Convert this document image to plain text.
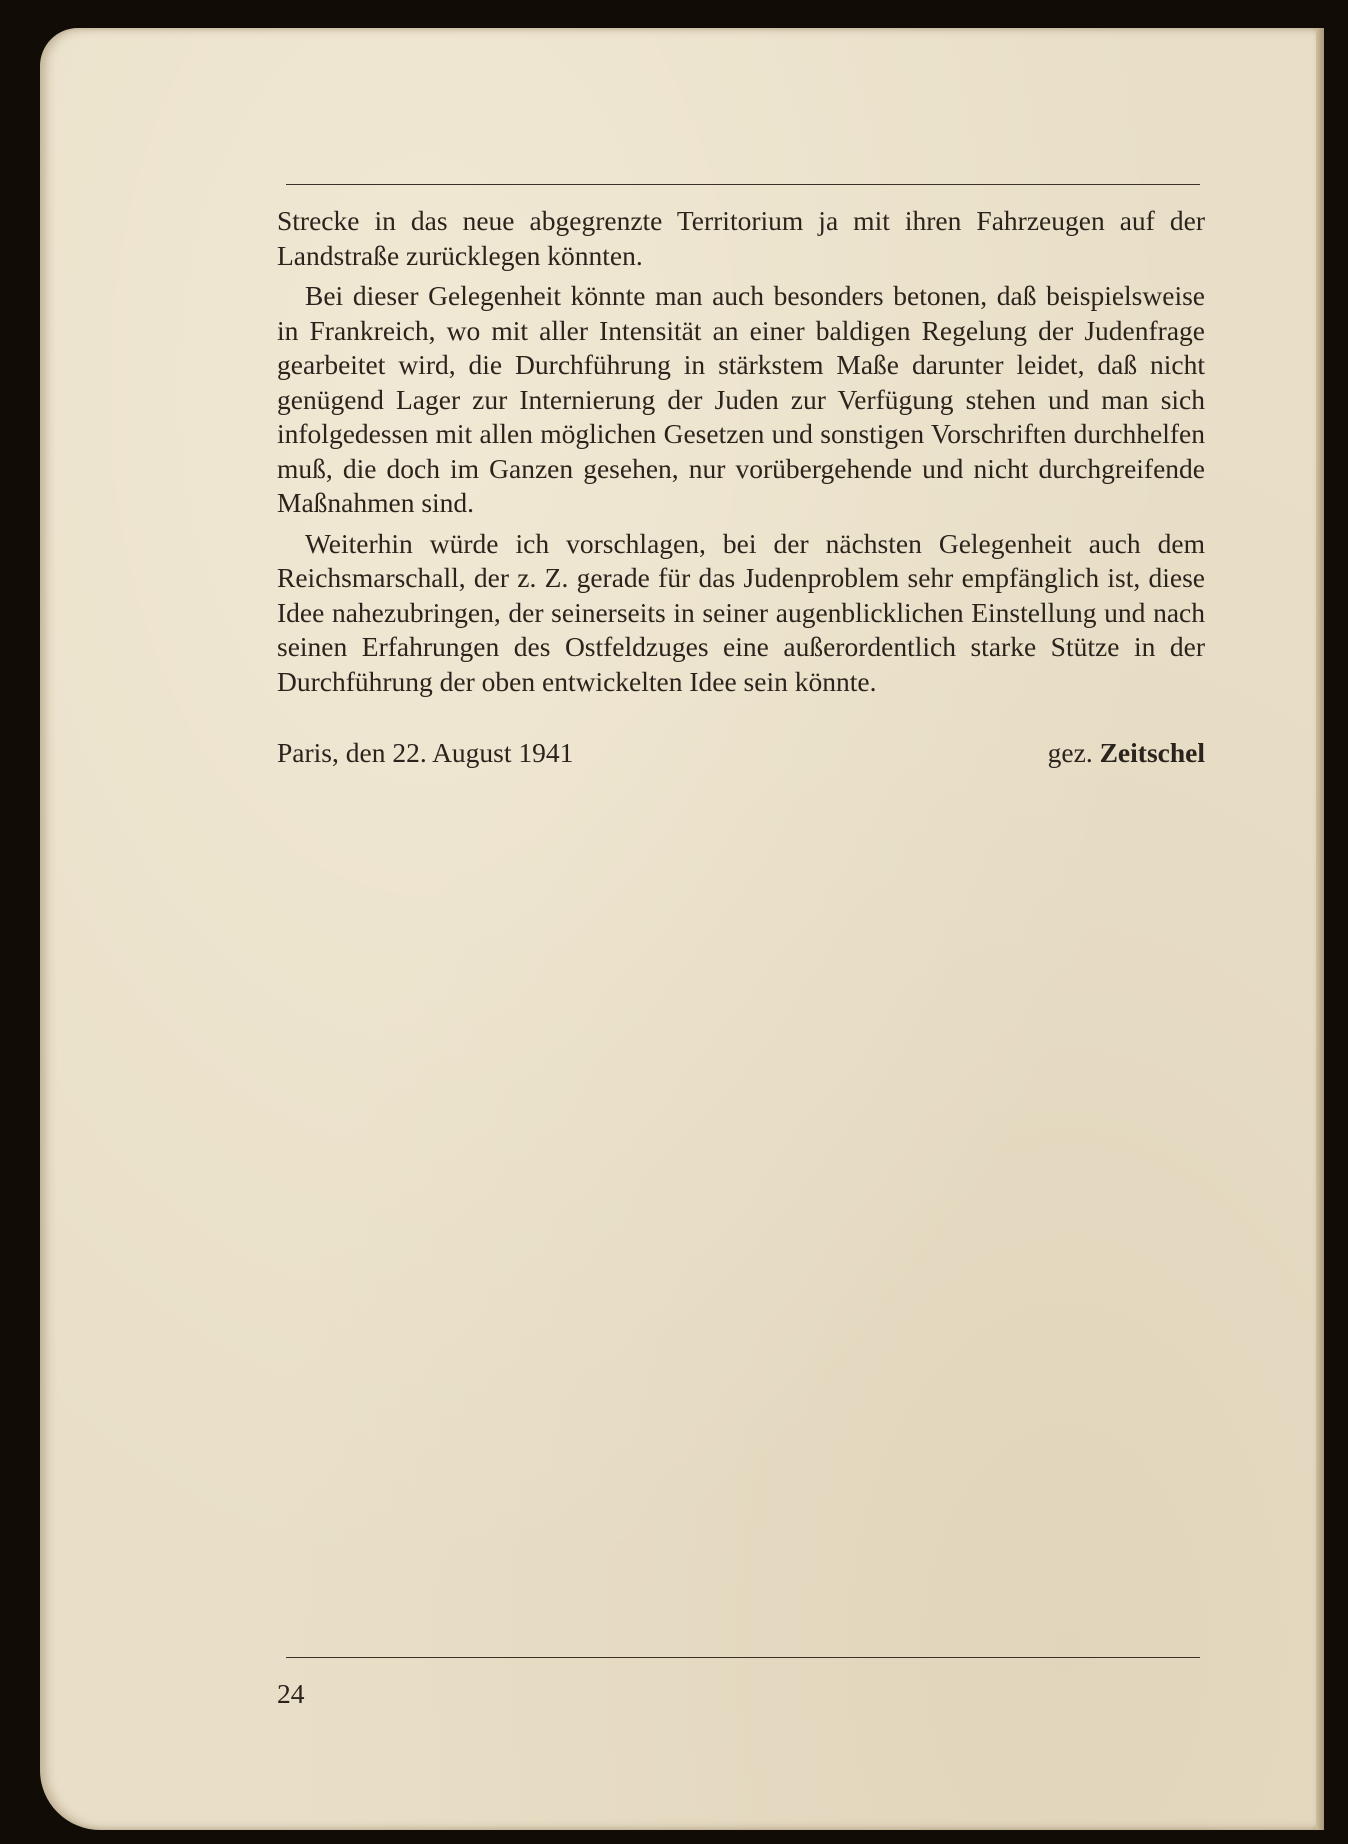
Strecke in das neue abgegrenzte Territorium ja mit ihren Fahrzeugen auf der Landstraße zurücklegen könnten.

Bei dieser Gelegenheit könnte man auch besonders betonen, daß beispielsweise in Frankreich, wo mit aller Intensität an einer baldigen Regelung der Judenfrage gearbeitet wird, die Durchführung in stärkstem Maße darunter leidet, daß nicht genügend Lager zur Internierung der Juden zur Verfügung stehen und man sich infolgedessen mit allen möglichen Gesetzen und sonstigen Vorschriften durchhelfen muß, die doch im Ganzen gesehen, nur vorübergehende und nicht durchgreifende Maßnahmen sind.

Weiterhin würde ich vorschlagen, bei der nächsten Gelegenheit auch dem Reichsmarschall, der z. Z. gerade für das Judenproblem sehr empfänglich ist, diese Idee nahezubringen, der seinerseits in seiner augenblicklichen Einstellung und nach seinen Erfahrungen des Ostfeldzuges eine außerordentlich starke Stütze in der Durchführung der oben entwickelten Idee sein könnte.

Paris, den 22. August 1941	gez. Zeitschel
24
